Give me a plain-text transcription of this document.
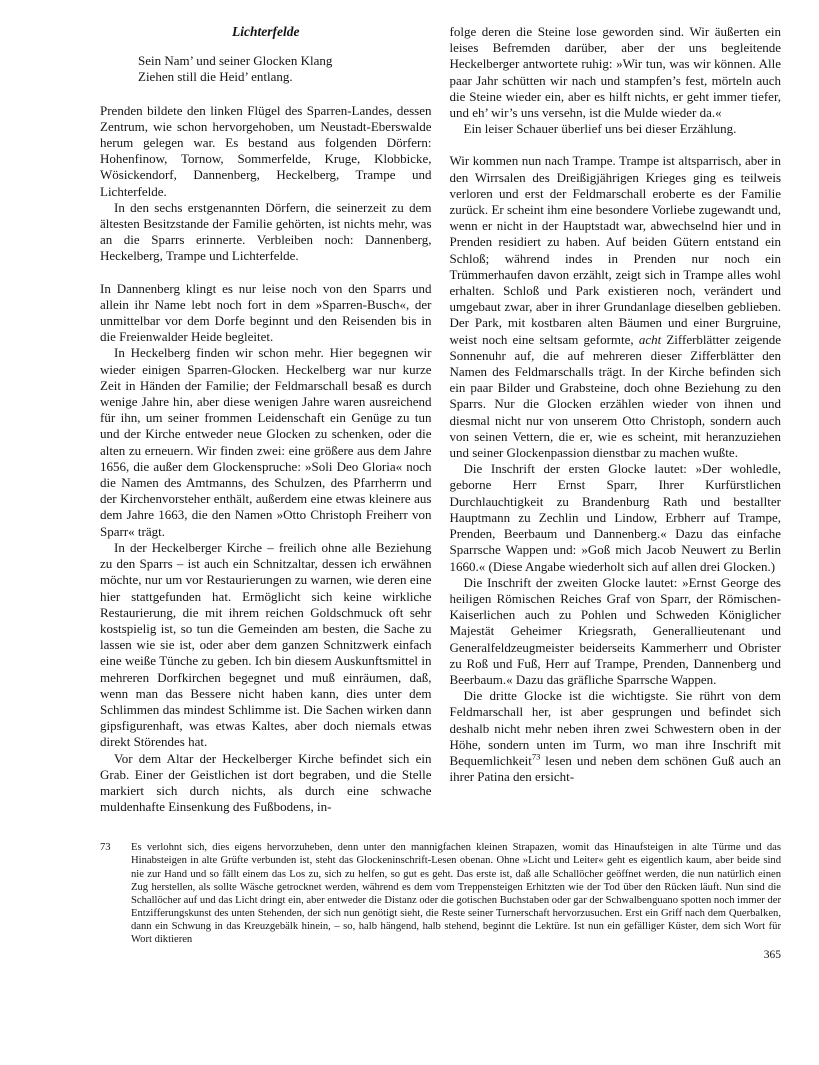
Lichterfelde
Sein Nam’ und seiner Glocken Klang
Ziehen still die Heid’ entlang.

Prenden bildete den linken Flügel des Sparren-Landes, dessen Zentrum, wie schon hervorgehoben, um Neustadt-Eberswalde herum gelegen war. Es bestand aus folgenden Dörfern: Hohenfinow, Tornow, Sommerfelde, Kruge, Klobbicke, Wösickendorf, Dannenberg, Heckelberg, Trampe und Lichterfelde.

In den sechs erstgenannten Dörfern, die seinerzeit zu dem ältesten Besitzstande der Familie gehörten, ist nichts mehr, was an die Sparrs erinnerte. Verbleiben noch: Dannenberg, Heckelberg, Trampe und Lichterfelde.

In Dannenberg klingt es nur leise noch von den Sparrs und allein ihr Name lebt noch fort in dem »Sparren-Busch«, der unmittelbar vor dem Dorfe beginnt und den Reisenden bis in die Freienwalder Heide begleitet.

In Heckelberg finden wir schon mehr. Hier begegnen wir wieder einigen Sparren-Glocken. Heckelberg war nur kurze Zeit in Händen der Familie; der Feldmarschall besaß es durch wenige Jahre hin, aber diese wenigen Jahre waren ausreichend für ihn, um seiner frommen Leidenschaft ein Genüge zu tun und der Kirche entweder neue Glocken zu schenken, oder die alten zu erneuern. Wir finden zwei: eine größere aus dem Jahre 1656, die außer dem Glockenspruche: »Soli Deo Gloria« noch die Namen des Amtmanns, des Schulzen, des Pfarrherrn und der Kirchenvorsteher enthält, außerdem eine etwas kleinere aus dem Jahre 1663, die den Namen »Otto Christoph Freiherr von Sparr« trägt.

In der Heckelberger Kirche – freilich ohne alle Beziehung zu den Sparrs – ist auch ein Schnitzaltar, dessen ich erwähnen möchte, nur um vor Restaurierungen zu warnen, wie deren eine hier stattgefunden hat. Ermöglicht sich keine wirkliche Restaurierung, die mit ihrem reichen Goldschmuck oft sehr kostspielig ist, so tun die Gemeinden am besten, die Sache zu lassen wie sie ist, oder aber dem ganzen Schnitzwerk einfach eine weiße Tünche zu geben. Ich bin diesem Auskunftsmittel in mehreren Dorfkirchen begegnet und muß einräumen, daß, wenn man das Bessere nicht haben kann, dies unter dem Schlimmen das mindest Schlimme ist. Die Sachen wirken dann gipsfigurenhaft, was etwas Kaltes, aber doch niemals etwas direkt Störendes hat.

Vor dem Altar der Heckelberger Kirche befindet sich ein Grab. Einer der Geistlichen ist dort begraben, und die Stelle markiert sich durch nichts, als durch eine schwache muldenhafte Einsenkung des Fußbodens, in-

folge deren die Steine lose geworden sind. Wir äußerten ein leises Befremden darüber, aber der uns begleitende Heckelberger antwortete ruhig: »Wir tun, was wir können. Alle paar Jahr schütten wir nach und stampfen’s fest, mörteln auch die Steine wieder ein, aber es hilft nichts, er geht immer tiefer, und eh’ wir’s uns versehn, ist die Mulde wieder da.«

Ein leiser Schauer überlief uns bei dieser Erzählung.

Wir kommen nun nach Trampe. Trampe ist altsparrisch, aber in den Wirrsalen des Dreißigjährigen Krieges ging es teilweis verloren und erst der Feldmarschall eroberte es der Familie zurück. Er scheint ihm eine besondere Vorliebe zugewandt und, wenn er nicht in der Hauptstadt war, abwechselnd hier und in Prenden residiert zu haben. Auf beiden Gütern entstand ein Schloß; während indes in Prenden nur noch ein Trümmerhaufen davon erzählt, zeigt sich in Trampe alles wohl erhalten. Schloß und Park existieren noch, verändert und umgebaut zwar, aber in ihrer Grundanlage dieselben geblieben. Der Park, mit kostbaren alten Bäumen und einer Burgruine, weist noch eine seltsam geformte, acht Zifferblätter zeigende Sonnenuhr auf, die auf mehreren dieser Zifferblätter den Namen des Feldmarschalls trägt. In der Kirche befinden sich ein paar Bilder und Grabsteine, doch ohne Beziehung zu den Sparrs. Nur die Glocken erzählen wieder von ihnen und diesmal nicht nur von unserem Otto Christoph, sondern auch von seinen Vettern, die er, wie es scheint, mit heranzuziehen und seiner Glockenpassion dienstbar zu machen wußte.

Die Inschrift der ersten Glocke lautet: »Der wohledle, geborne Herr Ernst Sparr, Ihrer Kurfürstlichen Durchlauchtigkeit zu Brandenburg Rath und bestallter Hauptmann zu Zechlin und Lindow, Erbherr auf Trampe, Prenden, Beerbaum und Dannenberg.« Dazu das einfache Sparrsche Wappen und: »Goß mich Jacob Neuwert zu Berlin 1660.« (Diese Angabe wiederholt sich auf allen drei Glocken.)

Die Inschrift der zweiten Glocke lautet: »Ernst George des heiligen Römischen Reiches Graf von Sparr, der Römischen-Kaiserlichen auch zu Pohlen und Schweden Königlicher Majestät Geheimer Kriegsrath, Generallieutenant und Generalfeldzeugmeister beiderseits Kammerherr und Obrister zu Roß und Fuß, Herr auf Trampe, Prenden, Dannenberg und Beerbaum.« Dazu das gräfliche Sparrsche Wappen.

Die dritte Glocke ist die wichtigste. Sie rührt von dem Feldmarschall her, ist aber gesprungen und befindet sich deshalb nicht mehr neben ihren zwei Schwestern oben in der Höhe, sondern unten im Turm, wo man ihre Inschrift mit Bequemlichkeit$^{73}$ lesen und neben dem schönen Guß auch an ihrer Patina den ersicht-

73 Es verlohnt sich, dies eigens hervorzuheben, denn unter den mannigfachen kleinen Strapazen, womit das Hinaufsteigen in alte Türme und das Hinabsteigen in alte Grüfte verbunden ist, steht das Glockeninschrift-Lesen obenan. Ohne »Licht und Leiter« geht es eigentlich kaum, aber beide sind nie zur Hand und so fällt einem das Los zu, sich zu helfen, so gut es geht. Das erste ist, daß alle Schallöcher geöffnet werden, die nun natürlich einen Zug herstellen, als sollte Wäsche getrocknet werden, während es dem vom Treppensteigen Erhitzten wie der Tod über den Rücken läuft. Nun sind die Schallöcher auf und das Licht dringt ein, aber entweder die Distanz oder die gotischen Buchstaben oder gar der Schwalbenguano spotten noch immer der Entzifferungskunst des unten Stehenden, der sich nun genötigt sieht, die Reste seiner Turnerschaft hervorzusuchen. Erst ein Griff nach dem Querbalken, dann ein Schwung in das Kreuzgebälk hinein, – so, halb hängend, halb stehend, beginnt die Lektüre. Ist nun ein gefälliger Küster, dem sich Wort für Wort diktieren
365
